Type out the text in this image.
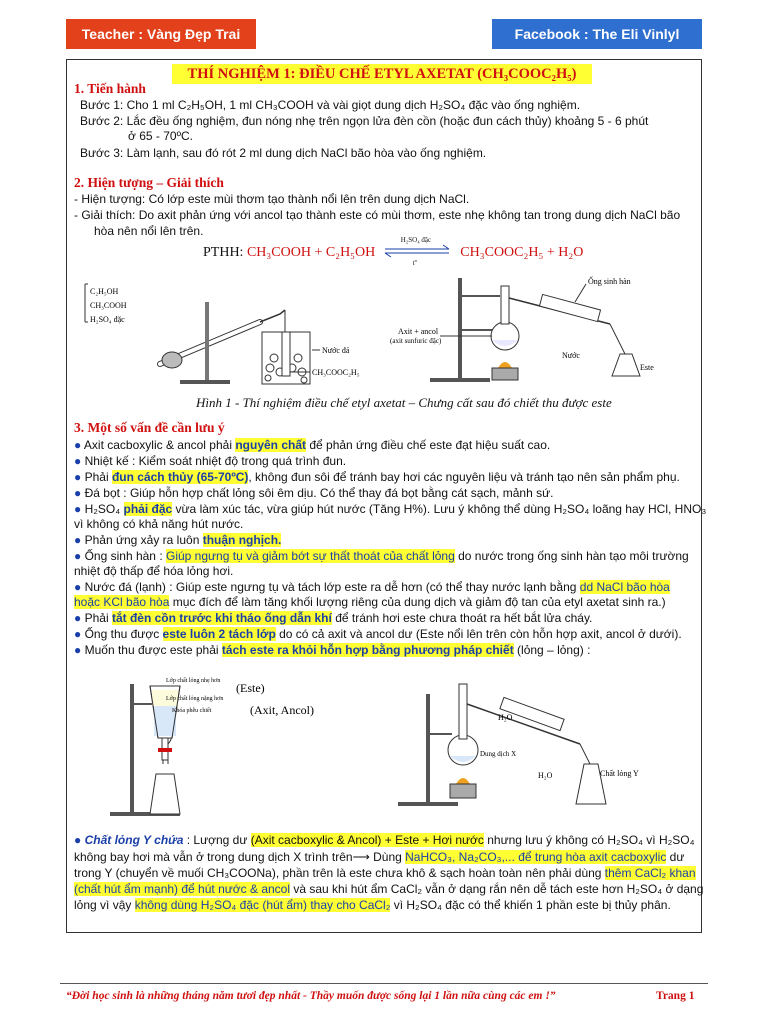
Teacher : Vàng Đẹp Trai	Facebook : The Eli Vinlyl
THÍ NGHIỆM 1: ĐIỀU CHẾ ETYL AXETAT (CH₃COOC₂H₅)
1. Tiến hành
Bước 1: Cho 1 ml C₂H₅OH, 1 ml CH₃COOH và vài giọt dung dịch H₂SO₄ đặc vào ống nghiệm.
Bước 2: Lắc đều ống nghiệm, đun nóng nhẹ trên ngọn lửa đèn cồn (hoặc đun cách thủy) khoảng 5 - 6 phút
ở 65 - 70ºC.
Bước 3: Làm lạnh, sau đó rót 2 ml dung dịch NaCl bão hòa vào ống nghiệm.
2. Hiện tượng – Giải thích
- Hiện tượng: Có lớp este mùi thơm tạo thành nổi lên trên dung dịch NaCl.
- Giải thích: Do axit phản ứng với ancol tạo thành este có mùi thơm, este nhẹ không tan trong dung dịch NaCl bão
hòa nên nổi lên trên.
PTHH: CH₃COOH + C₂H₅OH
H₂SO₄ đặc
tº
CH₃COOC₂H₅ + H₂O
C₂H₅OH
CH₃COOH
H₂SO₄ đặc
Nước đá
CH₃COOC₂H₅
Ống sinh hàn
Axit + ancol
(axit sunfuric đặc)
Nước
Este
Hình 1 - Thí nghiệm điều chế etyl axetat – Chưng cất sau đó chiết thu được este
3. Một số vấn đề cần lưu ý
● Axit cacboxylic & ancol phải nguyên chất để phản ứng điều chế este đạt hiệu suất cao.
● Nhiệt kế : Kiểm soát nhiệt độ trong quá trình đun.
● Phải đun cách thủy (65-70ºC), không đun sôi để tránh bay hơi các nguyên liệu và tránh tạo nên sản phẩm phụ.
● Đá bọt : Giúp hỗn hợp chất lỏng sôi êm dịu. Có thể thay đá bọt bằng cát sạch, mảnh sứ.
● H₂SO₄ phải đặc vừa làm xúc tác, vừa giúp hút nước (Tăng H%). Lưu ý không thể dùng H₂SO₄ loãng hay HCl, HNO₃
vì không có khả năng hút nước.
● Phản ứng xảy ra luôn thuận nghịch.
● Ống sinh hàn : Giúp ngưng tụ và giảm bớt sự thất thoát của chất lỏng do nước trong ống sinh hàn tạo môi trường
nhiệt độ thấp để hóa lỏng hơi.
● Nước đá (lạnh) : Giúp este ngưng tụ và tách lớp este ra dễ hơn (có thể thay nước lạnh bằng dd NaCl bão hòa
hoặc KCl bão hòa mục đích để làm tăng khối lượng riêng của dung dịch và giảm độ tan của etyl axetat sinh ra.)
● Phải tắt đèn cồn trước khi tháo ống dẫn khí để tránh hơi este chưa thoát ra hết bắt lửa cháy.
● Ống thu được este luôn 2 tách lớp do có cả axit và ancol dư (Este nổi lên trên còn hỗn hợp axit, ancol ở dưới).
● Muốn thu được este phải tách este ra khỏi hỗn hợp bằng phương pháp chiết (lỏng – lỏng) :
Lớp chất lỏng nhẹ hơn
Lớp chất lỏng nặng hơn
Khóa phễu chiết
(Este)
(Axit, Ancol)
H₂O
Dung dịch X
H₂O	Chất lỏng Y
● Chất lỏng Y chứa : Lượng dư (Axit cacboxylic & Ancol) + Este + Hơi nước nhưng lưu ý không có H₂SO₄ vì H₂SO₄
không bay hơi mà vẫn ở trong dung dịch X trình trên⟶ Dùng NaHCO₃, Na₂CO₃,... để trung hòa axit cacboxylic dư
trong Y (chuyển về muối CH₃COONa), phần trên là este chưa khô & sạch hoàn toàn nên phải dùng thêm CaCl₂ khan
(chất hút ẩm mạnh) để hút nước & ancol và sau khi hút ẩm CaCl₂ vẫn ở dạng rắn nên dễ tách este hơn H₂SO₄ ở dạng
lỏng vì vậy không dùng H₂SO₄ đặc (hút ẩm) thay cho CaCl₂ vì H₂SO₄ đặc có thể khiến 1 phần este bị thủy phân.
“Đời học sinh là những tháng năm tươi đẹp nhất - Thầy muốn được sống lại 1 lần nữa cùng các em !”	Trang 1
